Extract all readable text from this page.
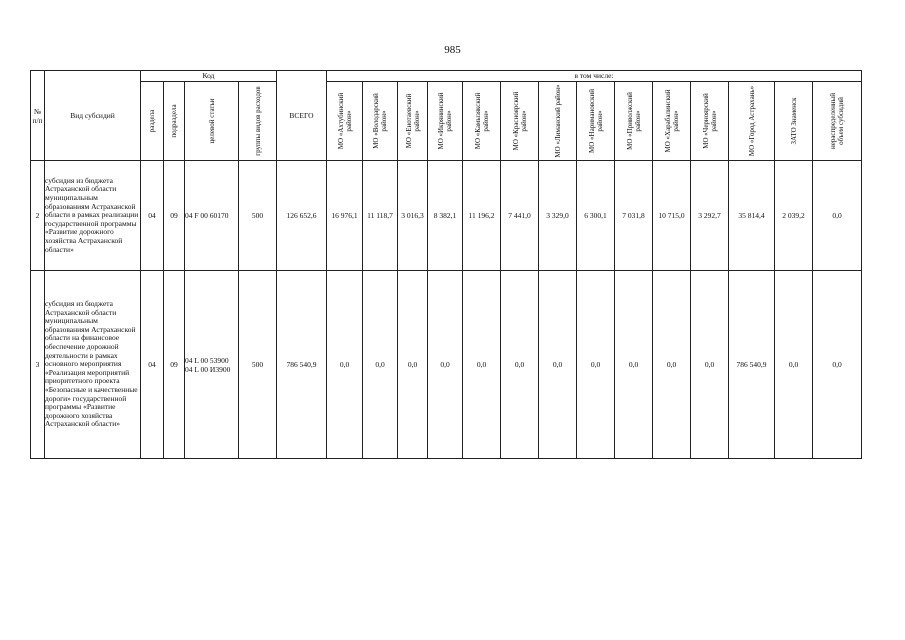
985
№ п/п	Вид субсидий	Код				ВСЕГО	в том числе:													

		раздела	подраздела	целевой статьи	группы видов расходов		МО «Ахтубинский район»	МО «Володарский район»	МО «Енотаевский район»	МО «Икрянинский район»	МО «Камызякский район»	МО «Красноярский район»	МО «Лиманский район»	МО «Наримановский район»	МО «Приволжский район»	МО «Харабалинский район»	МО «Черноярский район»	МО «Город Астрахань»	ЗАТО Знаменск	нераспределенный объем субсидий

2	субсидия из бюджета Астраханской области муниципальным образованиям Астраханской области в рамках реализации государственной программы «Развитие дорожного хозяйства Астраханской области»	04	09	04 F 00 60170	500	126 652,6	16 976,1	11 118,7	3 016,3	8 382,1	11 196,2	7 441,0	3 329,0	6 300,1	7 031,8	10 715,0	3 292,7	35 814,4	2 039,2	0,0
3	субсидия из бюджета Астраханской области муниципальным образованиям Астраханской области на финансовое обеспечение дорожной деятельности в рамках основного мероприятия «Реализация мероприятий приоритетного проекта «Безопасные и качественные дороги» государственной программы «Развитие дорожного хозяйства Астраханской области»	04	09	04 L 00 53900
04 L 00 И3900	500	786 540,9	0,0	0,0	0,0	0,0	0,0	0,0	0,0	0,0	0,0	0,0	0,0	786 540,9	0,0	0,0
